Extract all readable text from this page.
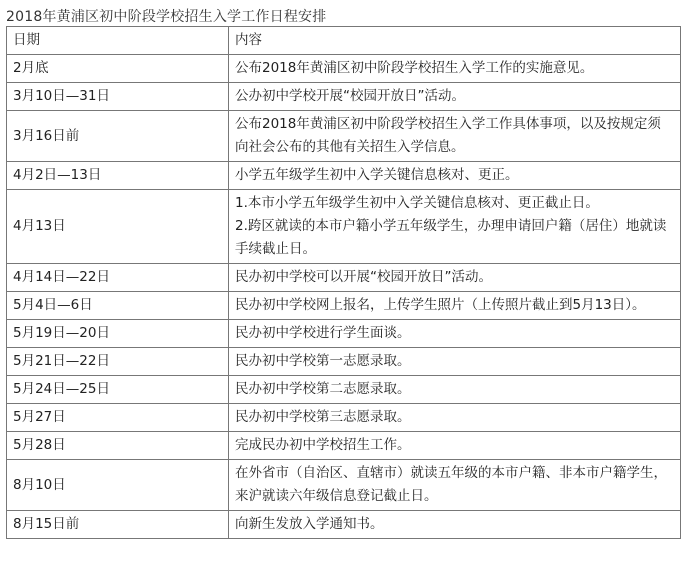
2018年黄浦区初中阶段学校招生入学工作日程安排
日期	内容
2月底	公布2018年黄浦区初中阶段学校招生入学工作的实施意见。

3月10日—31日	公办初中学校开展“校园开放日”活动。

3月16日前	公布2018年黄浦区初中阶段学校招生入学工作具体事项，以及按规定须向社会公布的其他有关招生入学信息。

4月2日—13日	小学五年级学生初中入学关键信息核对、更正。

4月13日	1.本市小学五年级学生初中入学关键信息核对、更正截止日。
2.跨区就读的本市户籍小学五年级学生，办理申请回户籍（居住）地就读手续截止日。

4月14日—22日	民办初中学校可以开展“校园开放日”活动。

5月4日—6日	民办初中学校网上报名，上传学生照片（上传照片截止到5月13日）。

5月19日—20日	民办初中学校进行学生面谈。

5月21日—22日	民办初中学校第一志愿录取。

5月24日—25日	民办初中学校第二志愿录取。

5月27日	民办初中学校第三志愿录取。

5月28日	完成民办初中学校招生工作。

8月10日	在外省市（自治区、直辖市）就读五年级的本市户籍、非本市户籍学生，来沪就读六年级信息登记截止日。

8月15日前	向新生发放入学通知书。
